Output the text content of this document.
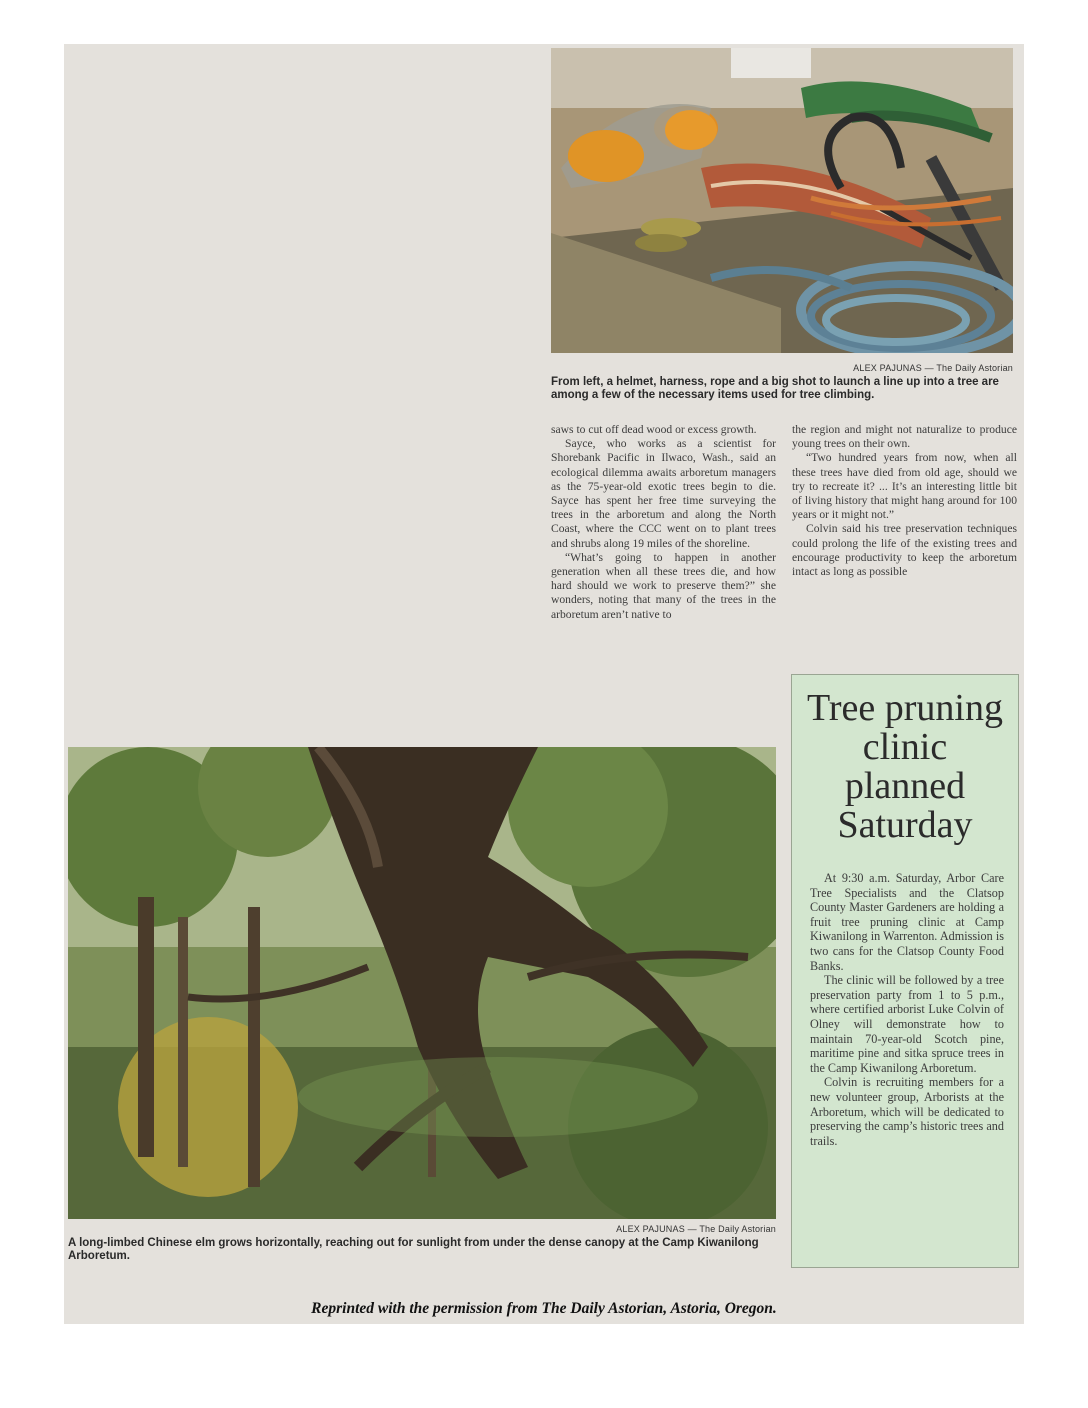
ALEX PAJUNAS — The Daily Astorian
From left, a helmet, harness, rope and a big shot to launch a line up into a tree are among a few of the necessary items used for tree climbing.

saws to cut off dead wood or excess growth.

Sayce, who works as a scientist for Shorebank Pacific in Ilwaco, Wash., said an ecological dilemma awaits arboretum managers as the 75-year-old exotic trees begin to die. Sayce has spent her free time surveying the trees in the arboretum and along the North Coast, where the CCC went on to plant trees and shrubs along 19 miles of the shoreline.

“What’s going to happen in another generation when all these trees die, and how hard should we work to preserve them?” she wonders, noting that many of the trees in the arboretum aren’t native to

the region and might not naturalize to produce young trees on their own.

“Two hundred years from now, when all these trees have died from old age, should we try to recreate it? ... It’s an interesting little bit of living history that might hang around for 100 years or it might not.”

Colvin said his tree preservation techniques could prolong the life of the existing trees and encourage productivity to keep the arboretum intact as long as possible

Tree pruning clinic planned Saturday

At 9:30 a.m. Saturday, Arbor Care Tree Specialists and the Clatsop County Master Gardeners are holding a fruit tree pruning clinic at Camp Kiwanilong in Warrenton. Admission is two cans for the Clatsop County Food Banks.

The clinic will be followed by a tree preservation party from 1 to 5 p.m., where certified arborist Luke Colvin of Olney will demonstrate how to maintain 70-year-old Scotch pine, maritime pine and sitka spruce trees in the Camp Kiwanilong Arboretum.

Colvin is recruiting members for a new volunteer group, Arborists at the Arboretum, which will be dedicated to preserving the camp’s historic trees and trails.

ALEX PAJUNAS — The Daily Astorian
A long-limbed Chinese elm grows horizontally, reaching out for sunlight from under the dense canopy at the Camp Kiwanilong Arboretum.
Reprinted with the permission from The Daily Astorian, Astoria, Oregon.
